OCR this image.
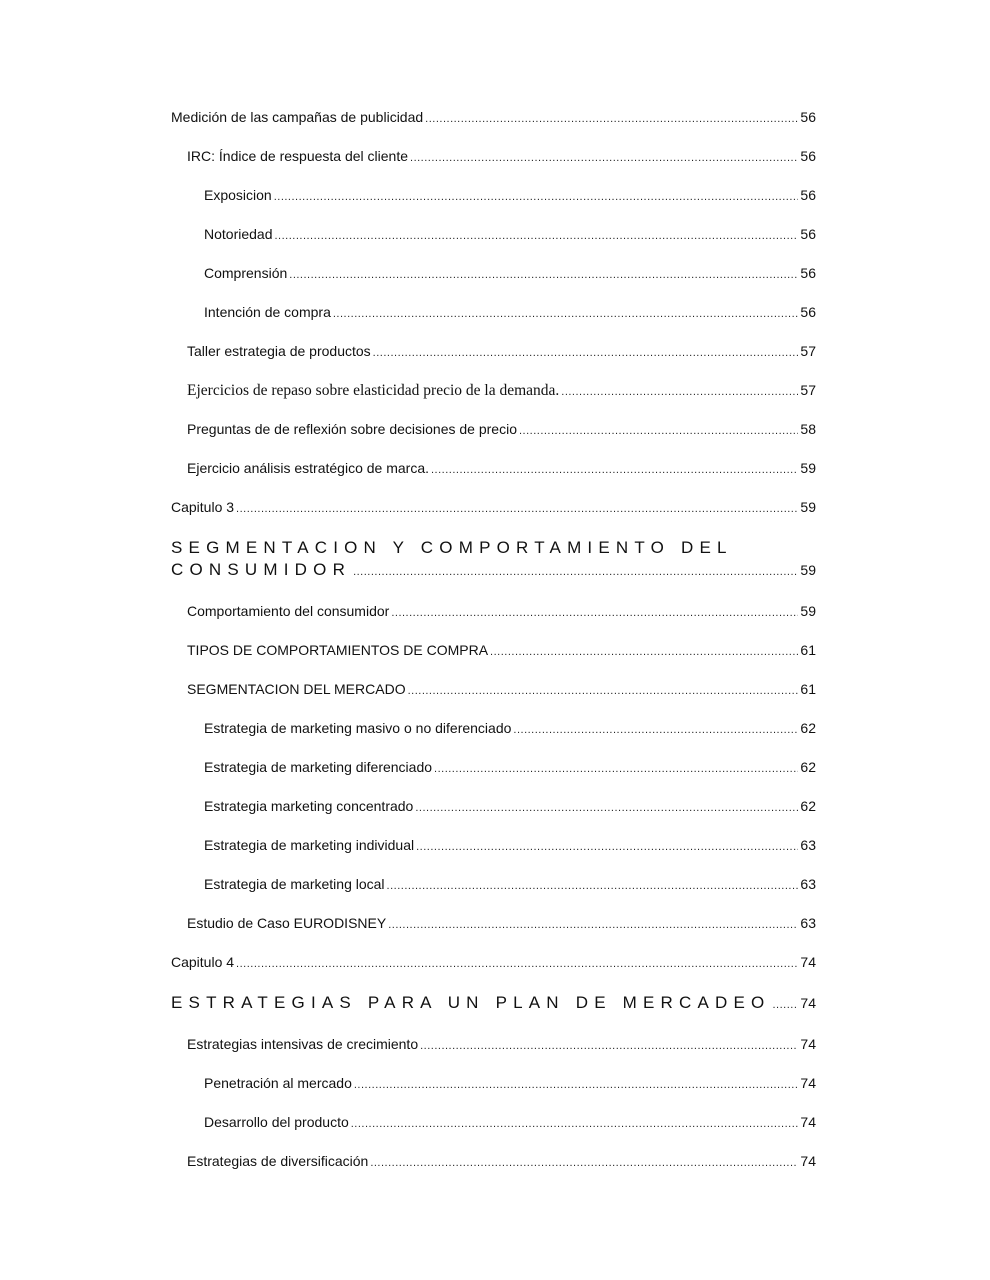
Medición de las campañas de publicidad .....	56
IRC: Índice de respuesta del cliente .....	56
Exposicion .....	56
Notoriedad .....	56
Comprensión .....	56
Intención de compra .....	56
Taller estrategia de productos .....	57
Ejercicios de repaso sobre elasticidad precio de la demanda. .....	57
Preguntas de de reflexión sobre decisiones de precio .....	58
Ejercicio análisis estratégico de marca. .....	59
Capitulo 3 .....	59
SEGMENTACION Y COMPORTAMIENTO DEL
CONSUMIDOR .....	59
Comportamiento del consumidor .....	59
TIPOS DE COMPORTAMIENTOS DE COMPRA .....	61
SEGMENTACION DEL MERCADO .....	61
Estrategia de marketing masivo o no diferenciado .....	62
Estrategia de marketing diferenciado .....	62
Estrategia marketing concentrado .....	62
Estrategia de marketing individual .....	63
Estrategia de marketing local .....	63
Estudio de Caso EURODISNEY .....	63
Capitulo 4 .....	74
ESTRATEGIAS PARA UN PLAN DE MERCADEO ..... 74
Estrategias intensivas de crecimiento .....	74
Penetración al mercado .....	74
Desarrollo del producto .....	74
Estrategias de diversificación .....	74
